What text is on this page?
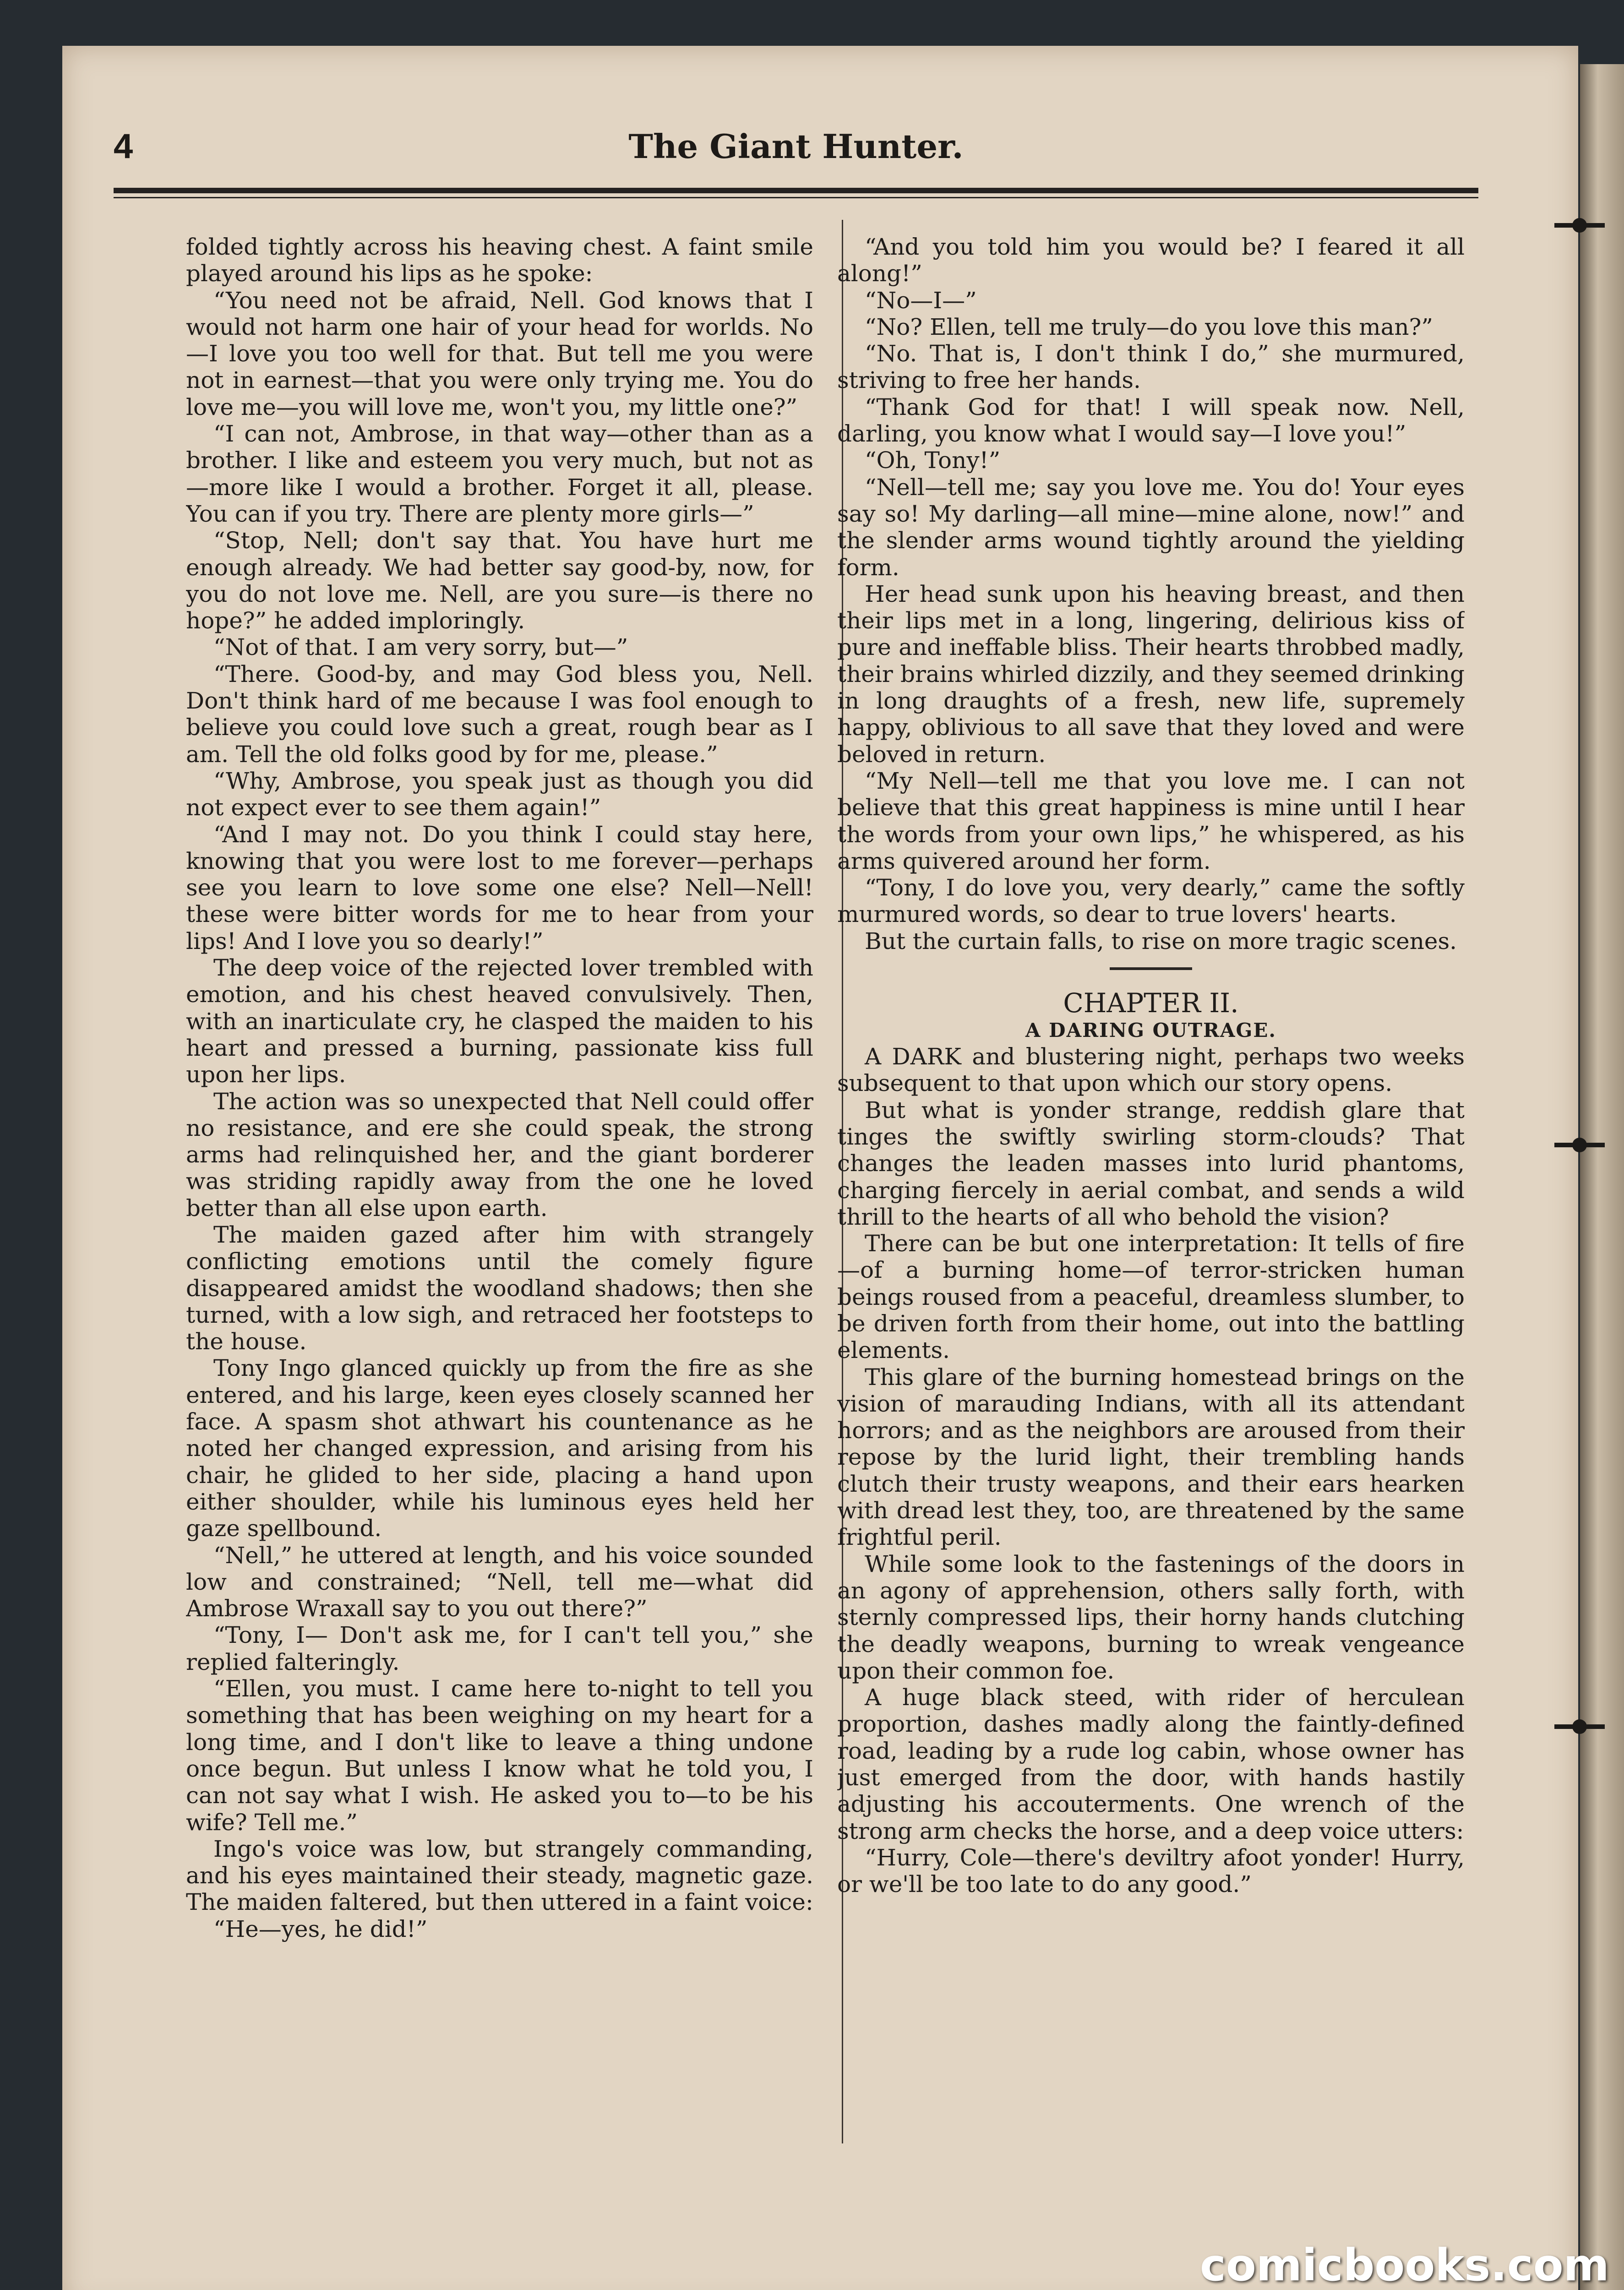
4	The Giant Hunter.

folded tightly across his heaving chest. A faint smile played around his lips as he spoke:

“You need not be afraid, Nell. God knows that I would not harm one hair of your head for worlds. No—I love you too well for that. But tell me you were not in earnest—that you were only trying me. You do love me—you will love me, won't you, my little one?”

“I can not, Ambrose, in that way—other than as a brother. I like and esteem you very much, but not as—more like I would a brother. Forget it all, please. You can if you try. There are plenty more girls—”

“Stop, Nell; don't say that. You have hurt me enough already. We had better say good-by, now, for you do not love me. Nell, are you sure—is there no hope?” he added imploringly.

“Not of that. I am very sorry, but—”

“There. Good-by, and may God bless you, Nell. Don't think hard of me because I was fool enough to believe you could love such a great, rough bear as I am. Tell the old folks good by for me, please.”

“Why, Ambrose, you speak just as though you did not expect ever to see them again!”

“And I may not. Do you think I could stay here, knowing that you were lost to me forever—perhaps see you learn to love some one else? Nell—Nell! these were bitter words for me to hear from your lips! And I love you so dearly!”

The deep voice of the rejected lover trembled with emotion, and his chest heaved convulsively. Then, with an inarticulate cry, he clasped the maiden to his heart and pressed a burning, passionate kiss full upon her lips.

The action was so unexpected that Nell could offer no resistance, and ere she could speak, the strong arms had relinquished her, and the giant borderer was striding rapidly away from the one he loved better than all else upon earth.

The maiden gazed after him with strangely conflicting emotions until the comely figure disappeared amidst the woodland shadows; then she turned, with a low sigh, and retraced her footsteps to the house.

Tony Ingo glanced quickly up from the fire as she entered, and his large, keen eyes closely scanned her face. A spasm shot athwart his countenance as he noted her changed expression, and arising from his chair, he glided to her side, placing a hand upon either shoulder, while his luminous eyes held her gaze spellbound.

“Nell,” he uttered at length, and his voice sounded low and constrained; “Nell, tell me—what did Ambrose Wraxall say to you out there?”

“Tony, I— Don't ask me, for I can't tell you,” she replied falteringly.

“Ellen, you must. I came here to-night to tell you something that has been weighing on my heart for a long time, and I don't like to leave a thing undone once begun. But unless I know what he told you, I can not say what I wish. He asked you to—to be his wife? Tell me.”

Ingo's voice was low, but strangely commanding, and his eyes maintained their steady, magnetic gaze. The maiden faltered, but then uttered in a faint voice:

“He—yes, he did!”

“And you told him you would be? I feared it all along!”

“No—I—”

“No? Ellen, tell me truly—do you love this man?”

“No. That is, I don't think I do,” she murmured, striving to free her hands.

“Thank God for that! I will speak now. Nell, darling, you know what I would say—I love you!”

“Oh, Tony!”

“Nell—tell me; say you love me. You do! Your eyes say so! My darling—all mine—mine alone, now!” and the slender arms wound tightly around the yielding form.

Her head sunk upon his heaving breast, and then their lips met in a long, lingering, delirious kiss of pure and ineffable bliss. Their hearts throbbed madly, their brains whirled dizzily, and they seemed drinking in long draughts of a fresh, new life, supremely happy, oblivious to all save that they loved and were beloved in return.

“My Nell—tell me that you love me. I can not believe that this great happiness is mine until I hear the words from your own lips,” he whispered, as his arms quivered around her form.

“Tony, I do love you, very dearly,” came the softly murmured words, so dear to true lovers' hearts.

But the curtain falls, to rise on more tragic scenes.

CHAPTER II.

A DARING OUTRAGE.

A DARK and blustering night, perhaps two weeks subsequent to that upon which our story opens.

But what is yonder strange, reddish glare that tinges the swiftly swirling storm-clouds? That changes the leaden masses into lurid phantoms, charging fiercely in aerial combat, and sends a wild thrill to the hearts of all who behold the vision?

There can be but one interpretation: It tells of fire—of a burning home—of terror-stricken human beings roused from a peaceful, dreamless slumber, to be driven forth from their home, out into the battling elements.

This glare of the burning homestead brings on the vision of marauding Indians, with all its attendant horrors; and as the neighbors are aroused from their repose by the lurid light, their trembling hands clutch their trusty weapons, and their ears hearken with dread lest they, too, are threatened by the same frightful peril.

While some look to the fastenings of the doors in an agony of apprehension, others sally forth, with sternly compressed lips, their horny hands clutching the deadly weapons, burning to wreak vengeance upon their common foe.

A huge black steed, with rider of herculean proportion, dashes madly along the faintly-defined road, leading by a rude log cabin, whose owner has just emerged from the door, with hands hastily adjusting his accouterments. One wrench of the strong arm checks the horse, and a deep voice utters:

“Hurry, Cole—there's deviltry afoot yonder! Hurry, or we'll be too late to do any good.”

comicbooks.com
